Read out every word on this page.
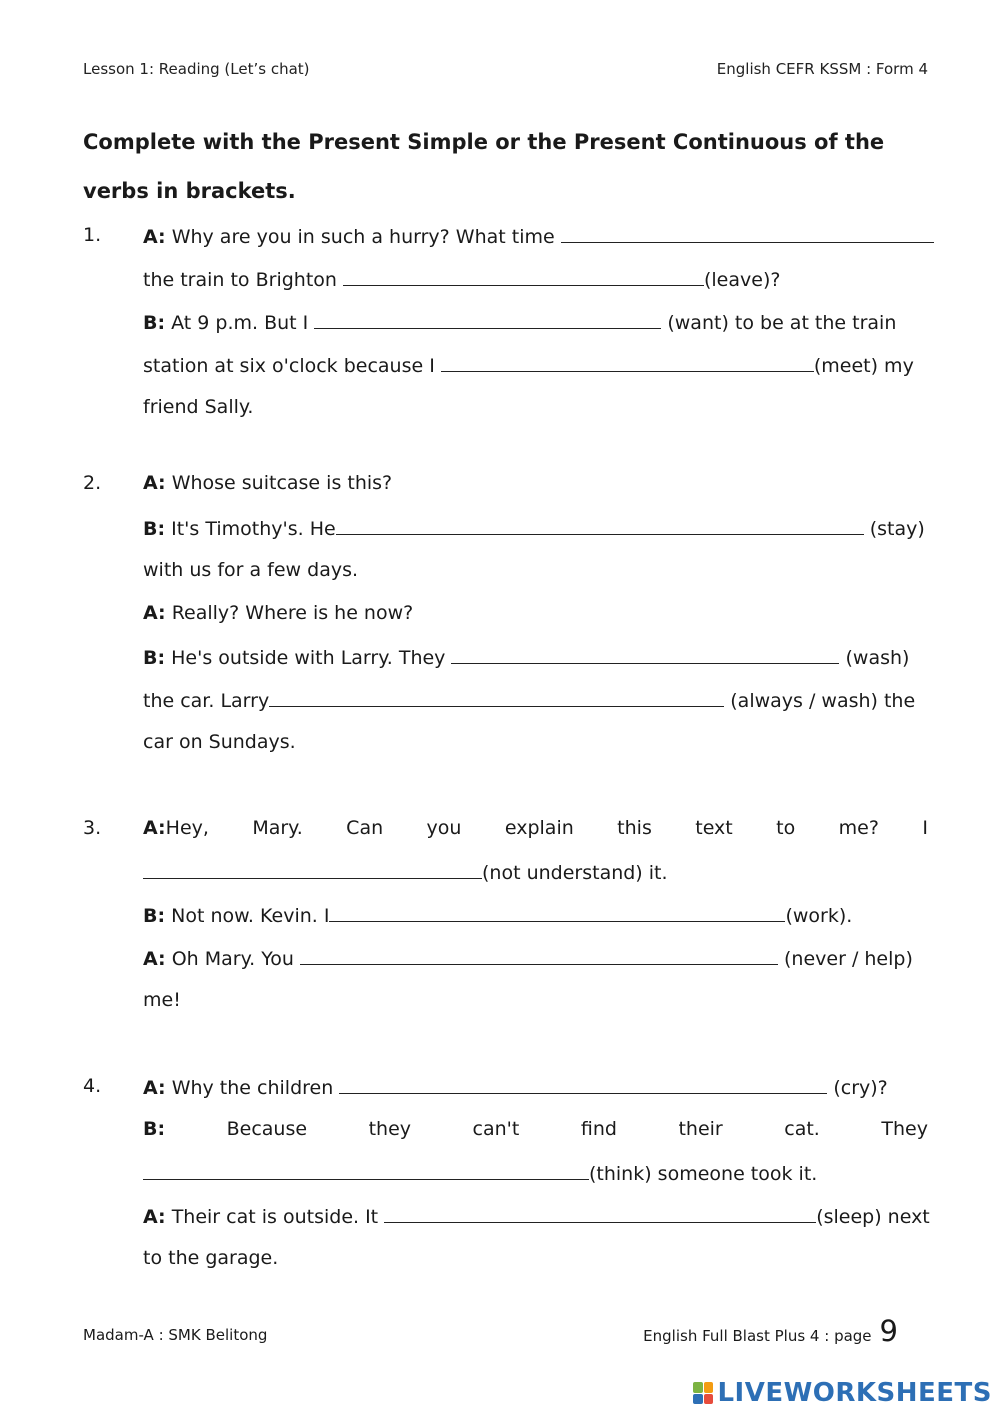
Lesson 1: Reading (Let’s chat)	English CEFR KSSM : Form 4
Complete with the Present Simple or the Present Continuous of the verbs in brackets.
1. A: Why are you in such a hurry? What time
the train to Brighton	(leave)?
B: At 9 p.m. But I	(want) to be at the train
station at six o'clock because I	(meet) my
friend Sally.
2. A: Whose suitcase is this?
B: It's Timothy's. He	(stay)
with us for a few days.
A: Really? Where is he now?
B: He's outside with Larry. They	(wash)
the car. Larry	(always / wash) the
car on Sundays.
3. A:Hey, Mary. Can you explain this text to me? I
(not understand) it.
B: Not now. Kevin. I	(work).
A: Oh Mary. You	(never / help)
me!
4. A: Why the children	(cry)?
B:	Because	they	can't	find	their	cat.	They
(think) someone took it.
A: Their cat is outside. It	(sleep) next
to the garage.
Madam-A : SMK Belitong	English Full Blast Plus 4 : page 9
LIVEWORKSHEETS
